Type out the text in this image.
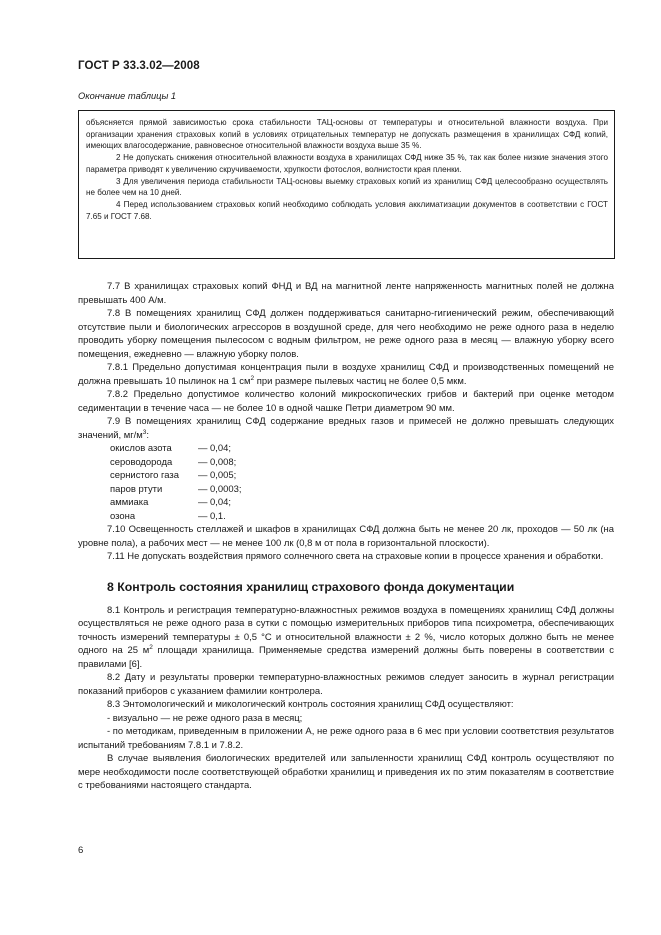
ГОСТ Р 33.3.02—2008
Окончание таблицы 1

объясняется прямой зависимостью срока стабильности ТАЦ-основы от температуры и относительной влажности воздуха. При организации хранения страховых копий в условиях отрицательных температур не допускать размещения в хранилищах СФД копий, имеющих влагосодержание, равновесное относительной влажности воздуха выше 35 %.

2 Не допускать снижения относительной влажности воздуха в хранилищах СФД ниже 35 %, так как более низкие значения этого параметра приводят к увеличению скручиваемости, хрупкости фотослоя, волнистости края пленки.

3 Для увеличения периода стабильности ТАЦ-основы выемку страховых копий из хранилищ СФД целесообразно осуществлять не более чем на 10 дней.

4 Перед использованием страховых копий необходимо соблюдать условия акклиматизации документов в соответствии с ГОСТ 7.65 и ГОСТ 7.68.

7.7 В хранилищах страховых копий ФНД и ВД на магнитной ленте напряженность магнитных полей не должна превышать 400 А/м.

7.8 В помещениях хранилищ СФД должен поддерживаться санитарно-гигиенический режим, обеспечивающий отсутствие пыли и биологических агрессоров в воздушной среде, для чего необходимо не реже одного раза в неделю проводить уборку помещения пылесосом с водным фильтром, не реже одного раза в месяц — влажную уборку всего помещения, ежедневно — влажную уборку полов.

7.8.1 Предельно допустимая концентрация пыли в воздухе хранилищ СФД и производственных помещений не должна превышать 10 пылинок на 1 $см^2$ при размере пылевых частиц не более 0,5 мкм.

7.8.2 Предельно допустимое количество колоний микроскопических грибов и бактерий при оценке методом седиментации в течение часа — не более 10 в одной чашке Петри диаметром 90 мм.

7.9 В помещениях хранилищ СФД содержание вредных газов и примесей не должно превышать следующих значений, $мг/м^3$:

окислов азота	— 0,04;
сероводорода	— 0,008;
сернистого газа	— 0,005;
паров ртути	— 0,0003;
аммиака	— 0,04;
озона	— 0,1.

7.10 Освещенность стеллажей и шкафов в хранилищах СФД должна быть не менее 20 лк, проходов — 50 лк (на уровне пола), а рабочих мест — не менее 100 лк (0,8 м от пола в горизонтальной плоскости).

7.11 Не допускать воздействия прямого солнечного света на страховые копии в процессе хранения и обработки.

8 Контроль состояния хранилищ страхового фонда документации

8.1 Контроль и регистрация температурно-влажностных режимов воздуха в помещениях хранилищ СФД должны осуществляться не реже одного раза в сутки с помощью измерительных приборов типа психрометра, обеспечивающих точность измерений температуры ± 0,5 °С и относительной влажности ± 2 %, число которых должно быть не менее одного на 25 $м^2$ площади хранилища. Применяемые средства измерений должны быть поверены в соответствии с правилами [6].

8.2 Дату и результаты проверки температурно-влажностных режимов следует заносить в журнал регистрации показаний приборов с указанием фамилии контролера.

8.3 Энтомологический и микологический контроль состояния хранилищ СФД осуществляют:

- визуально — не реже одного раза в месяц;

- по методикам, приведенным в приложении А, не реже одного раза в 6 мес при условии соответствия результатов испытаний требованиям 7.8.1 и 7.8.2.

В случае выявления биологических вредителей или запыленности хранилищ СФД контроль осуществляют по мере необходимости после соответствующей обработки хранилищ и приведения их по этим показателям в соответствие с требованиями настоящего стандарта.

6
